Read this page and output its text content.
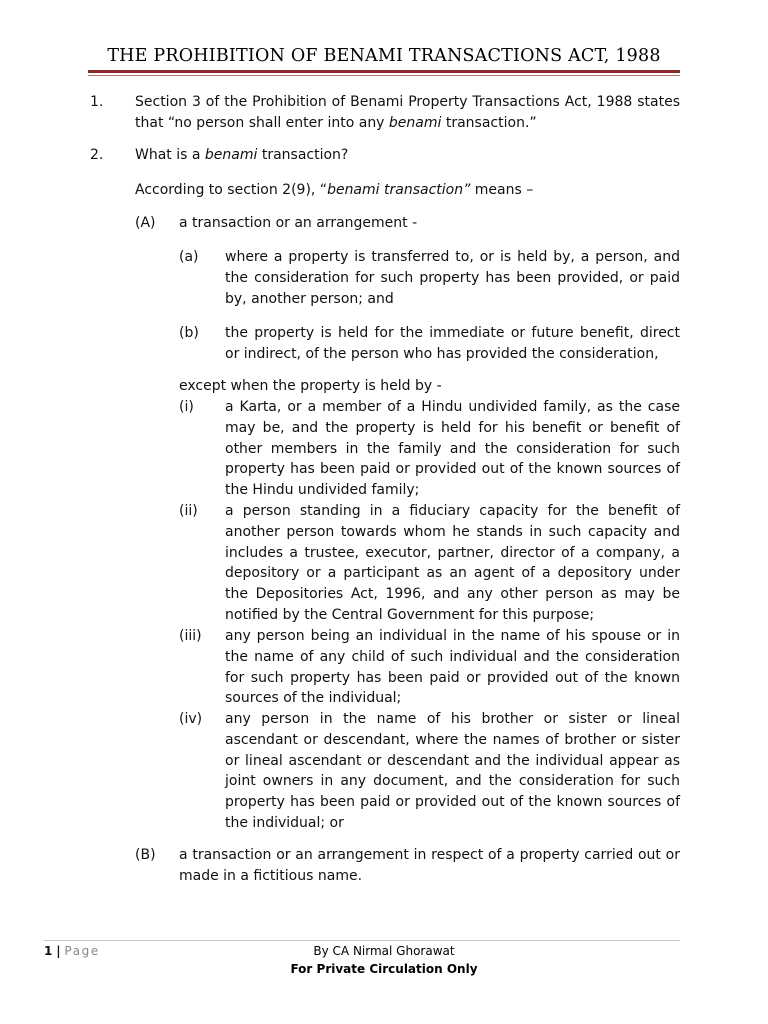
THE PROHIBITION OF BENAMI TRANSACTIONS ACT, 1988
1. Section 3 of the Prohibition of Benami Property Transactions Act, 1988 states
that “no person shall enter into any benami transaction.”
2. What is a benami transaction?
According to section 2(9), “benami transaction” means –
(A) a transaction or an arrangement -
(a) where a property is transferred to, or is held by, a person, and the consideration for such property has been provided, or paid by, another person; and
(b) the property is held for the immediate or future benefit, direct or indirect, of the person who has provided the consideration,
except when the property is held by -
(i) a Karta, or a member of a Hindu undivided family, as the case may be, and the property is held for his benefit or benefit of other members in the family and the consideration for such property has been paid or provided out of the known sources of the Hindu undivided family;
(ii) a person standing in a fiduciary capacity for the benefit of another person towards whom he stands in such capacity and includes a trustee, executor, partner, director of a company, a depository or a participant as an agent of a depository under the Depositories Act, 1996, and any other person as may be notified by the Central Government for this purpose;
(iii) any person being an individual in the name of his spouse or in the name of any child of such individual and the consideration for such property has been paid or provided out of the known sources of the individual;
(iv) any person in the name of his brother or sister or lineal ascendant or descendant, where the names of brother or sister or lineal ascendant or descendant and the individual appear as joint owners in any document, and the consideration for such property has been paid or provided out of the known sources of the individual; or
(B) a transaction or an arrangement in respect of a property carried out or made in a fictitious name.
1 | Page	By CA Nirmal Ghorawat
For Private Circulation Only
